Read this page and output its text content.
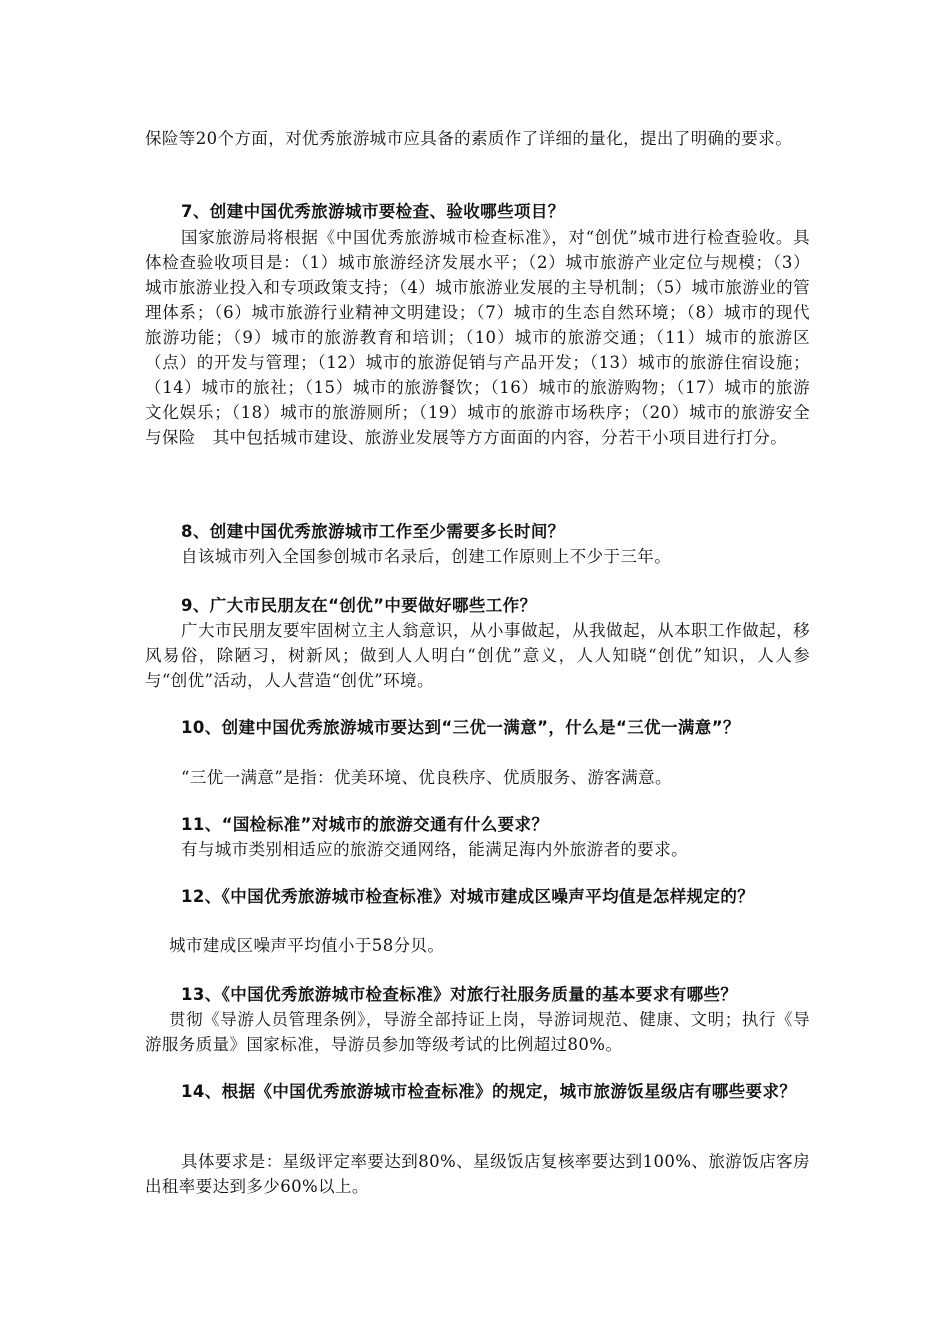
保险等20个方面，对优秀旅游城市应具备的素质作了详细的量化，提出了明确的要求。

7、创建中国优秀旅游城市要检查、验收哪些项目？

国家旅游局将根据《中国优秀旅游城市检查标准》，对“创优”城市进行检查验收。具体检查验收项目是：（1）城市旅游经济发展水平；（2）城市旅游产业定位与规模；（3）城市旅游业投入和专项政策支持；（4）城市旅游业发展的主导机制；（5）城市旅游业的管理体系；（6）城市旅游行业精神文明建设；（7）城市的生态自然环境；（8）城市的现代旅游功能；（9）城市的旅游教育和培训；（10）城市的旅游交通；（11）城市的旅游区（点）的开发与管理；（12）城市的旅游促销与产品开发；（13）城市的旅游住宿设施；（14）城市的旅社；（15）城市的旅游餐饮；（16）城市的旅游购物；（17）城市的旅游文化娱乐；（18）城市的旅游厕所；（19）城市的旅游市场秩序；（20）城市的旅游安全与保险　其中包括城市建设、旅游业发展等方方面面的内容，分若干小项目进行打分。

8、创建中国优秀旅游城市工作至少需要多长时间？

自该城市列入全国参创城市名录后，创建工作原则上不少于三年。

9、广大市民朋友在“创优”中要做好哪些工作？

广大市民朋友要牢固树立主人翁意识，从小事做起，从我做起，从本职工作做起，移风易俗，除陋习，树新风；做到人人明白“创优”意义，人人知晓“创优”知识，人人参与“创优”活动，人人营造“创优”环境。

10、创建中国优秀旅游城市要达到“三优一满意”，什么是“三优一满意”？

“三优一满意”是指：优美环境、优良秩序、优质服务、游客满意。

11、“国检标准”对城市的旅游交通有什么要求？

有与城市类别相适应的旅游交通网络，能满足海内外旅游者的要求。

12、《中国优秀旅游城市检查标准》对城市建成区噪声平均值是怎样规定的？

城市建成区噪声平均值小于58分贝。

13、《中国优秀旅游城市检查标准》对旅行社服务质量的基本要求有哪些？

贯彻《导游人员管理条例》，导游全部持证上岗，导游词规范、健康、文明；执行《导游服务质量》国家标准，导游员参加等级考试的比例超过80%。

14、根据《中国优秀旅游城市检查标准》的规定，城市旅游饭星级店有哪些要求？

具体要求是：星级评定率要达到80%、星级饭店复核率要达到100%、旅游饭店客房出租率要达到多少60%以上。
